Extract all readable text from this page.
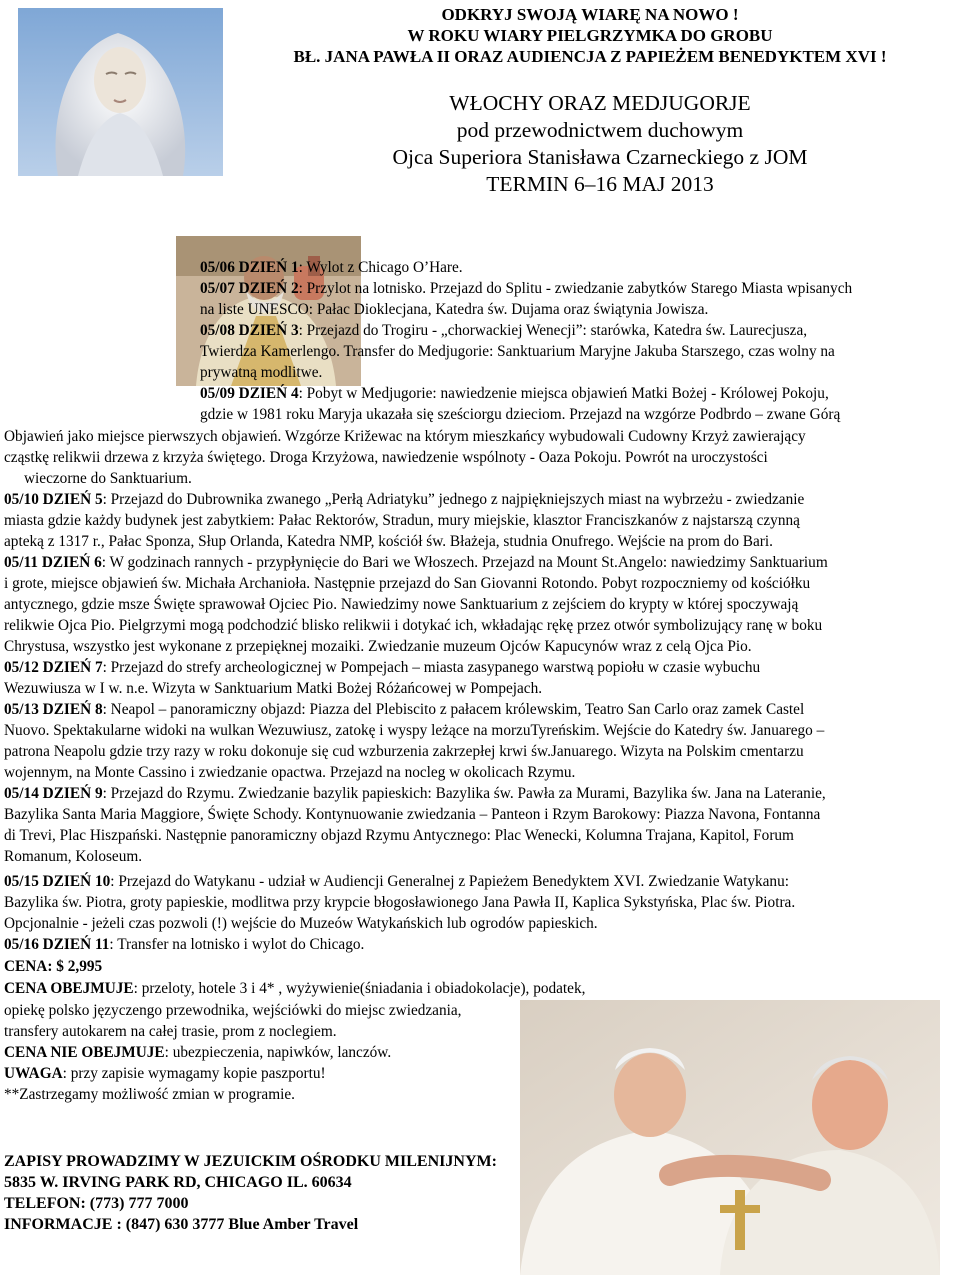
ODKRYJ SWOJĄ WIARĘ NA NOWO !
W ROKU WIARY PIELGRZYMKA DO GROBU
BŁ. JANA PAWŁA II ORAZ AUDIENCJA Z PAPIEŻEM BENEDYKTEM XVI !
WŁOCHY ORAZ MEDJUGORJE
pod przewodnictwem duchowym
Ojca Superiora Stanisława Czarneckiego z JOM
TERMIN 6–16 MAJ 2013
05/06 DZIEŃ 1: Wylot z Chicago O’Hare.
05/07 DZIEŃ 2: Przylot na lotnisko. Przejazd do Splitu - zwiedzanie zabytków Starego Miasta wpisanych
na liste UNESCO: Pałac Dioklecjana, Katedra św. Dujama oraz świątynia Jowisza.
05/08 DZIEŃ 3: Przejazd do Trogiru - „chorwackiej Wenecji”: starówka, Katedra św. Laurecjusza,
Twierdza Kamerlengo. Transfer do Medjugorie: Sanktuarium Maryjne Jakuba Starszego, czas wolny na
prywatną modlitwe.
05/09 DZIEŃ 4: Pobyt w Medjugorie: nawiedzenie miejsca objawień Matki Bożej - Królowej Pokoju,
gdzie w 1981 roku Maryja ukazała się sześciorgu dzieciom. Przejazd na wzgórze Podbrdo – zwane Górą
Objawień jako miejsce pierwszych objawień. Wzgórze Križewac na którym mieszkańcy wybudowali Cudowny Krzyż zawierający
cząstkę relikwii drzewa z krzyża świętego. Droga Krzyżowa, nawiedzenie wspólnoty - Oaza Pokoju. Powrót na uroczystości
wieczorne do Sanktuarium.
05/10 DZIEŃ 5: Przejazd do Dubrownika zwanego „Perłą Adriatyku” jednego z najpiękniejszych miast na wybrzeżu - zwiedzanie
miasta gdzie każdy budynek jest zabytkiem: Pałac Rektorów, Stradun, mury miejskie, klasztor Franciszkanów z najstarszą czynną
apteką z 1317 r., Pałac Sponza, Słup Orlanda, Katedra NMP, kościół św. Błażeja, studnia Onufrego. Wejście na prom do Bari.
05/11 DZIEŃ 6: W godzinach rannych - przypłynięcie do Bari we Włoszech. Przejazd na Mount St.Angelo: nawiedzimy Sanktuarium
i grote, miejsce objawień św. Michała Archanioła. Następnie przejazd do San Giovanni Rotondo. Pobyt rozpoczniemy od kościółku
antycznego, gdzie msze Święte sprawował Ojciec Pio. Nawiedzimy nowe Sanktuarium z zejściem do krypty w której spoczywają
relikwie Ojca Pio. Pielgrzymi mogą podchodzić blisko relikwii i dotykać ich, wkładając rękę przez otwór symbolizujący ranę w boku
Chrystusa, wszystko jest wykonane z przepięknej mozaiki. Zwiedzanie muzeum Ojców Kapucynów wraz z celą Ojca Pio.
05/12 DZIEŃ 7: Przejazd do strefy archeologicznej w Pompejach – miasta zasypanego warstwą popiołu w czasie wybuchu
Wezuwiusza w I w. n.e. Wizyta w Sanktuarium Matki Bożej Różańcowej w Pompejach.
05/13 DZIEŃ 8: Neapol – panoramiczny objazd: Piazza del Plebiscito z pałacem królewskim, Teatro San Carlo oraz zamek Castel
Nuovo. Spektakularne widoki na wulkan Wezuwiusz, zatokę i wyspy leżące na morzuTyreńskim. Wejście do Katedry św. Januarego –
patrona Neapolu gdzie trzy razy w roku dokonuje się cud wzburzenia zakrzepłej krwi św.Januarego. Wizyta na Polskim cmentarzu
wojennym, na Monte Cassino i zwiedzanie opactwa. Przejazd na nocleg w okolicach Rzymu.
05/14 DZIEŃ 9: Przejazd do Rzymu. Zwiedzanie bazylik papieskich: Bazylika św. Pawła za Murami, Bazylika św. Jana na Lateranie,
Bazylika Santa Maria Maggiore, Święte Schody. Kontynuowanie zwiedzania – Panteon i Rzym Barokowy: Piazza Navona, Fontanna
di Trevi, Plac Hiszpański. Następnie panoramiczny objazd Rzymu Antycznego: Plac Wenecki, Kolumna Trajana, Kapitol, Forum
Romanum, Koloseum.
05/15 DZIEŃ 10: Przejazd do Watykanu - udział w Audiencji Generalnej z Papieżem Benedyktem XVI. Zwiedzanie Watykanu:
Bazylika św. Piotra, groty papieskie, modlitwa przy krypcie błogosławionego Jana Pawła II, Kaplica Sykstyńska, Plac św. Piotra.
Opcjonalnie - jeżeli czas pozwoli (!) wejście do Muzeów Watykańskich lub ogrodów papieskich.
05/16 DZIEŃ 11: Transfer na lotnisko i wylot do Chicago.
CENA: $ 2,995
CENA OBEJMUJE: przeloty, hotele 3 i 4* , wyżywienie(śniadania i obiadokolacje), podatek,
opiekę polsko języczengo przewodnika, wejściówki do miejsc zwiedzania,
transfery autokarem na całej trasie, prom z noclegiem.
CENA NIE OBEJMUJE: ubezpieczenia, napiwków, lanczów.
UWAGA: przy zapisie wymagamy kopie paszportu!
**Zastrzegamy możliwość zmian w programie.
ZAPISY PROWADZIMY W JEZUICKIM OŚRODKU MILENIJNYM:
5835 W. IRVING PARK RD, CHICAGO IL. 60634
TELEFON: (773) 777 7000
INFORMACJE : (847) 630 3777 Blue Amber Travel
